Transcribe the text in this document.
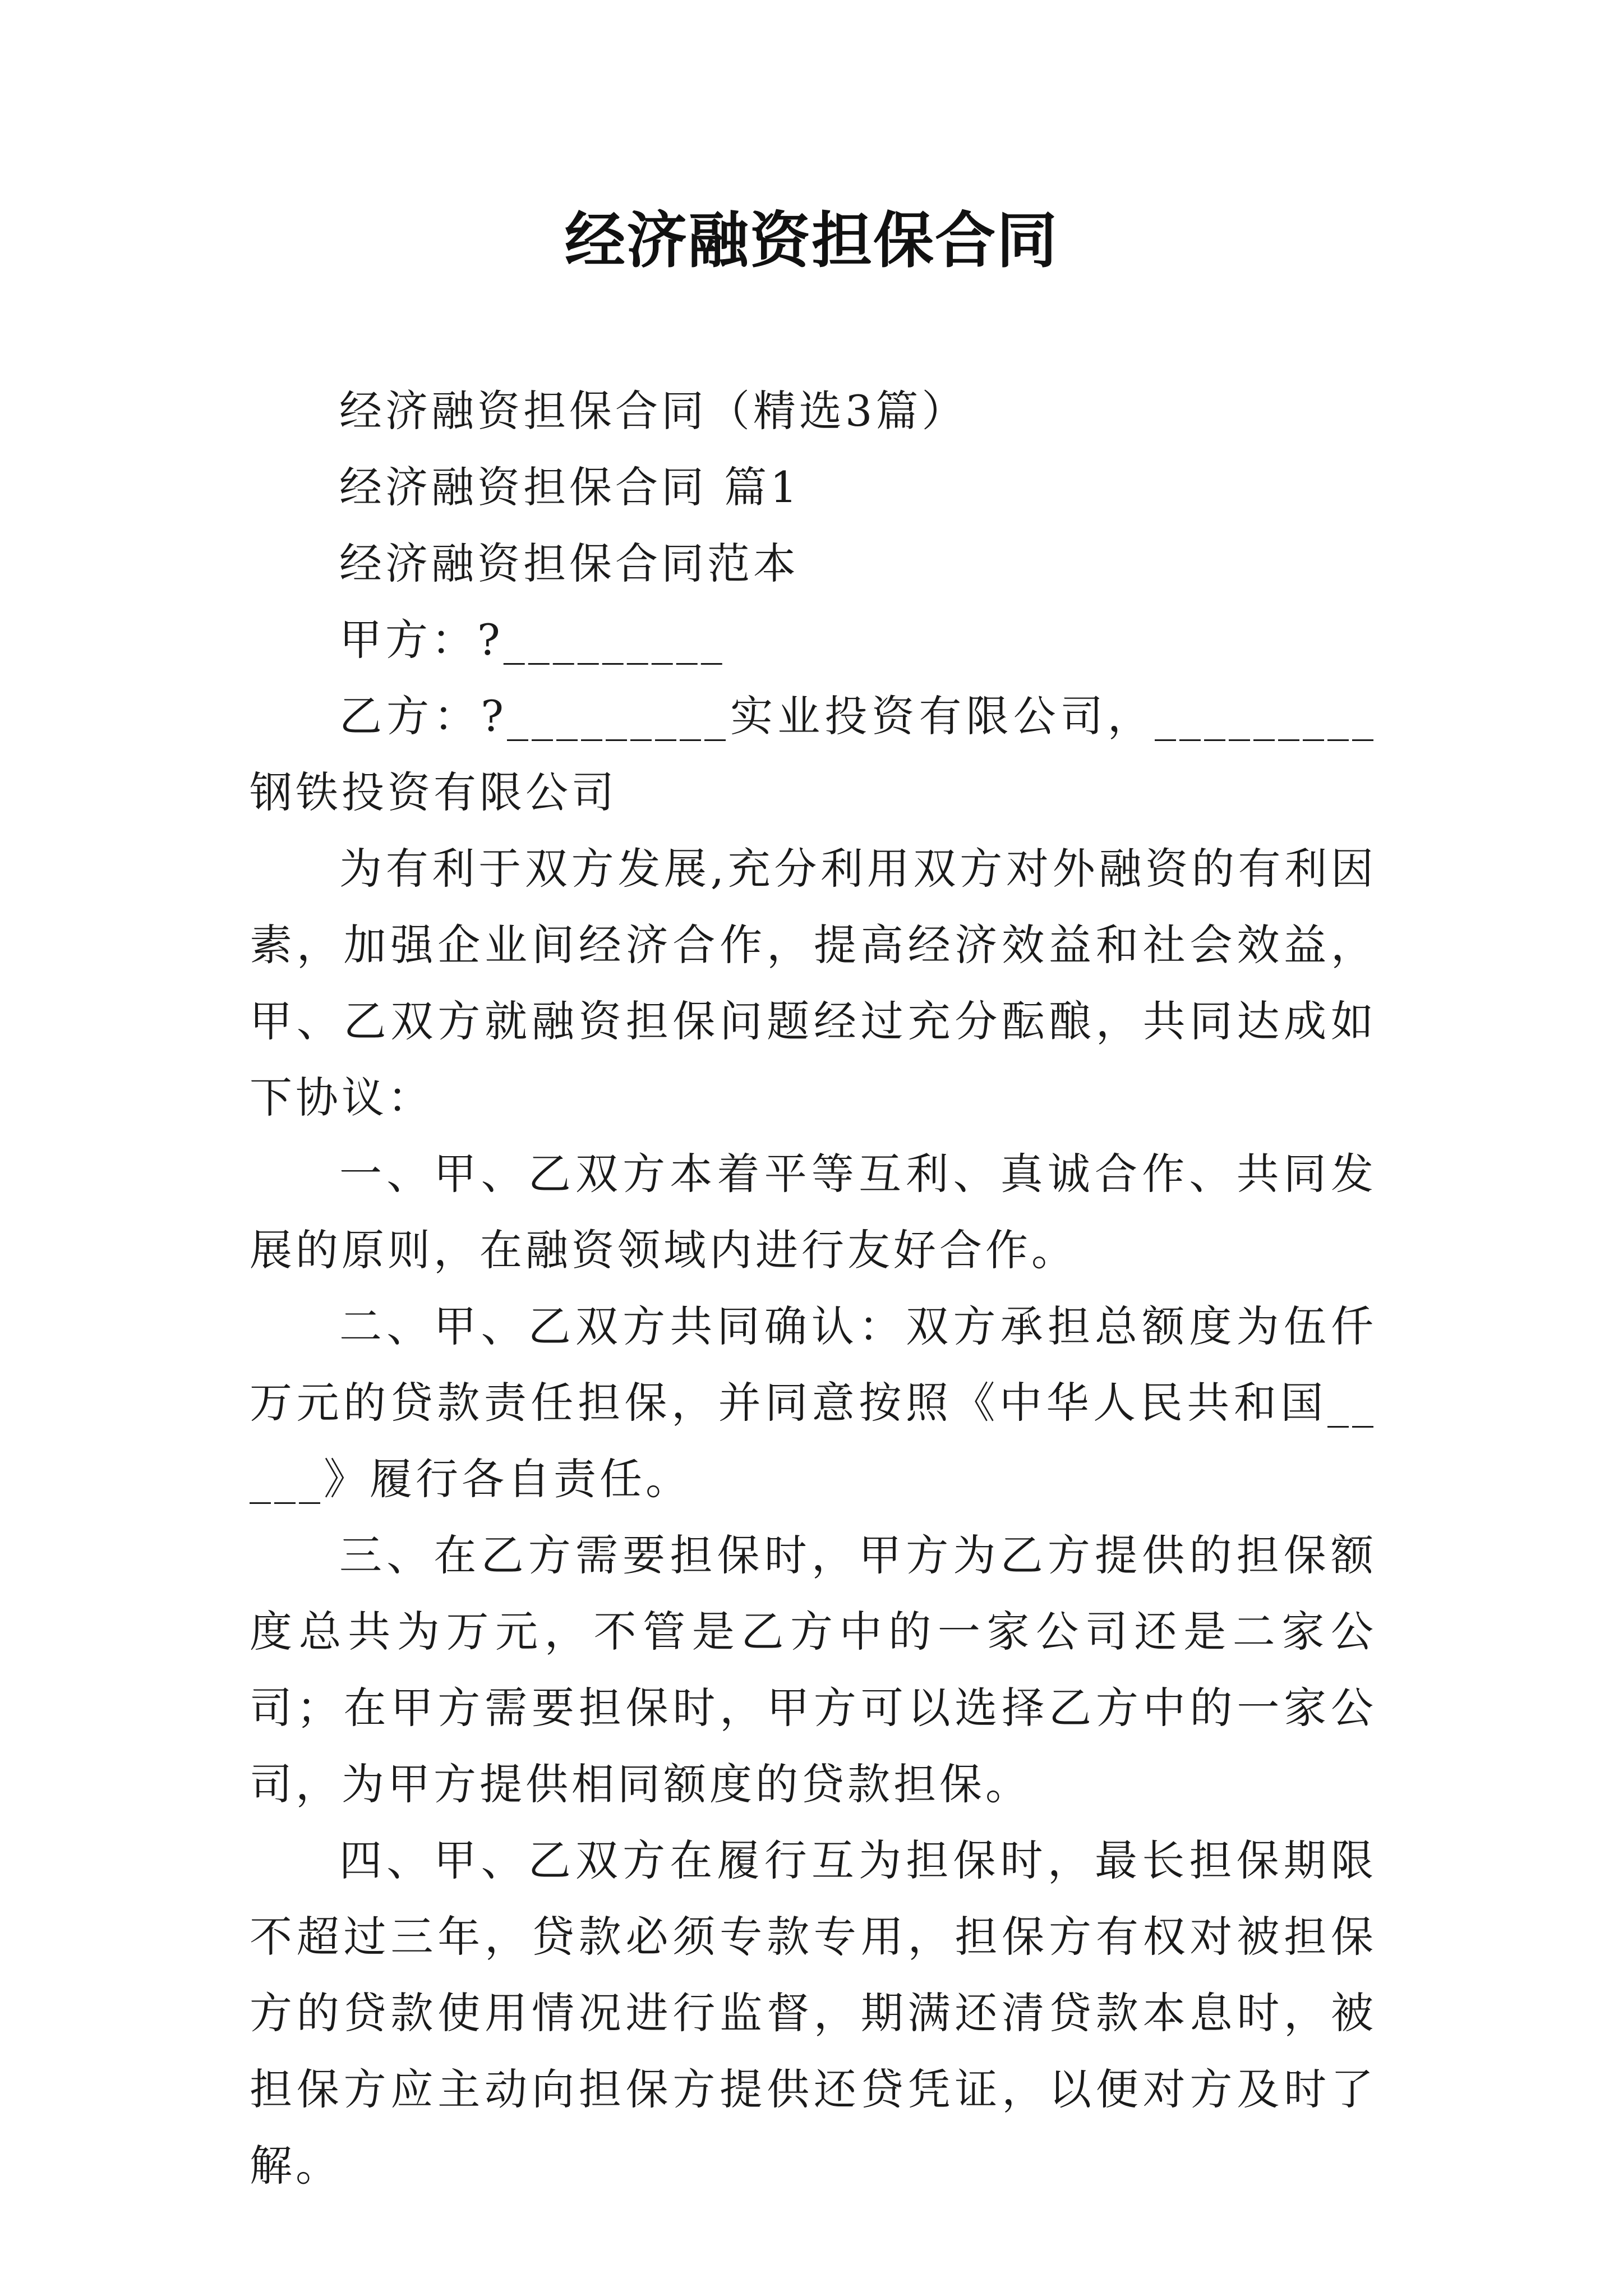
经济融资担保合同

经济融资担保合同（精选3篇）

经济融资担保合同 篇1

经济融资担保合同范本

甲方：?_________

乙方：?_________实业投资有限公司，_________钢铁投资有限公司

为有利于双方发展,充分利用双方对外融资的有利因素，加强企业间经济合作，提高经济效益和社会效益，甲、乙双方就融资担保问题经过充分酝酿，共同达成如下协议：

一、甲、乙双方本着平等互利、真诚合作、共同发展的原则，在融资领域内进行友好合作。

二、甲、乙双方共同确认：双方承担总额度为伍仟万元的贷款责任担保，并同意按照《中华人民共和国_____》履行各自责任。

三、在乙方需要担保时，甲方为乙方提供的担保额度总共为万元，不管是乙方中的一家公司还是二家公司；在甲方需要担保时，甲方可以选择乙方中的一家公司，为甲方提供相同额度的贷款担保。

四、甲、乙双方在履行互为担保时，最长担保期限不超过三年，贷款必须专款专用，担保方有权对被担保方的贷款使用情况进行监督，期满还清贷款本息时，被担保方应主动向担保方提供还贷凭证，以便对方及时了解。
